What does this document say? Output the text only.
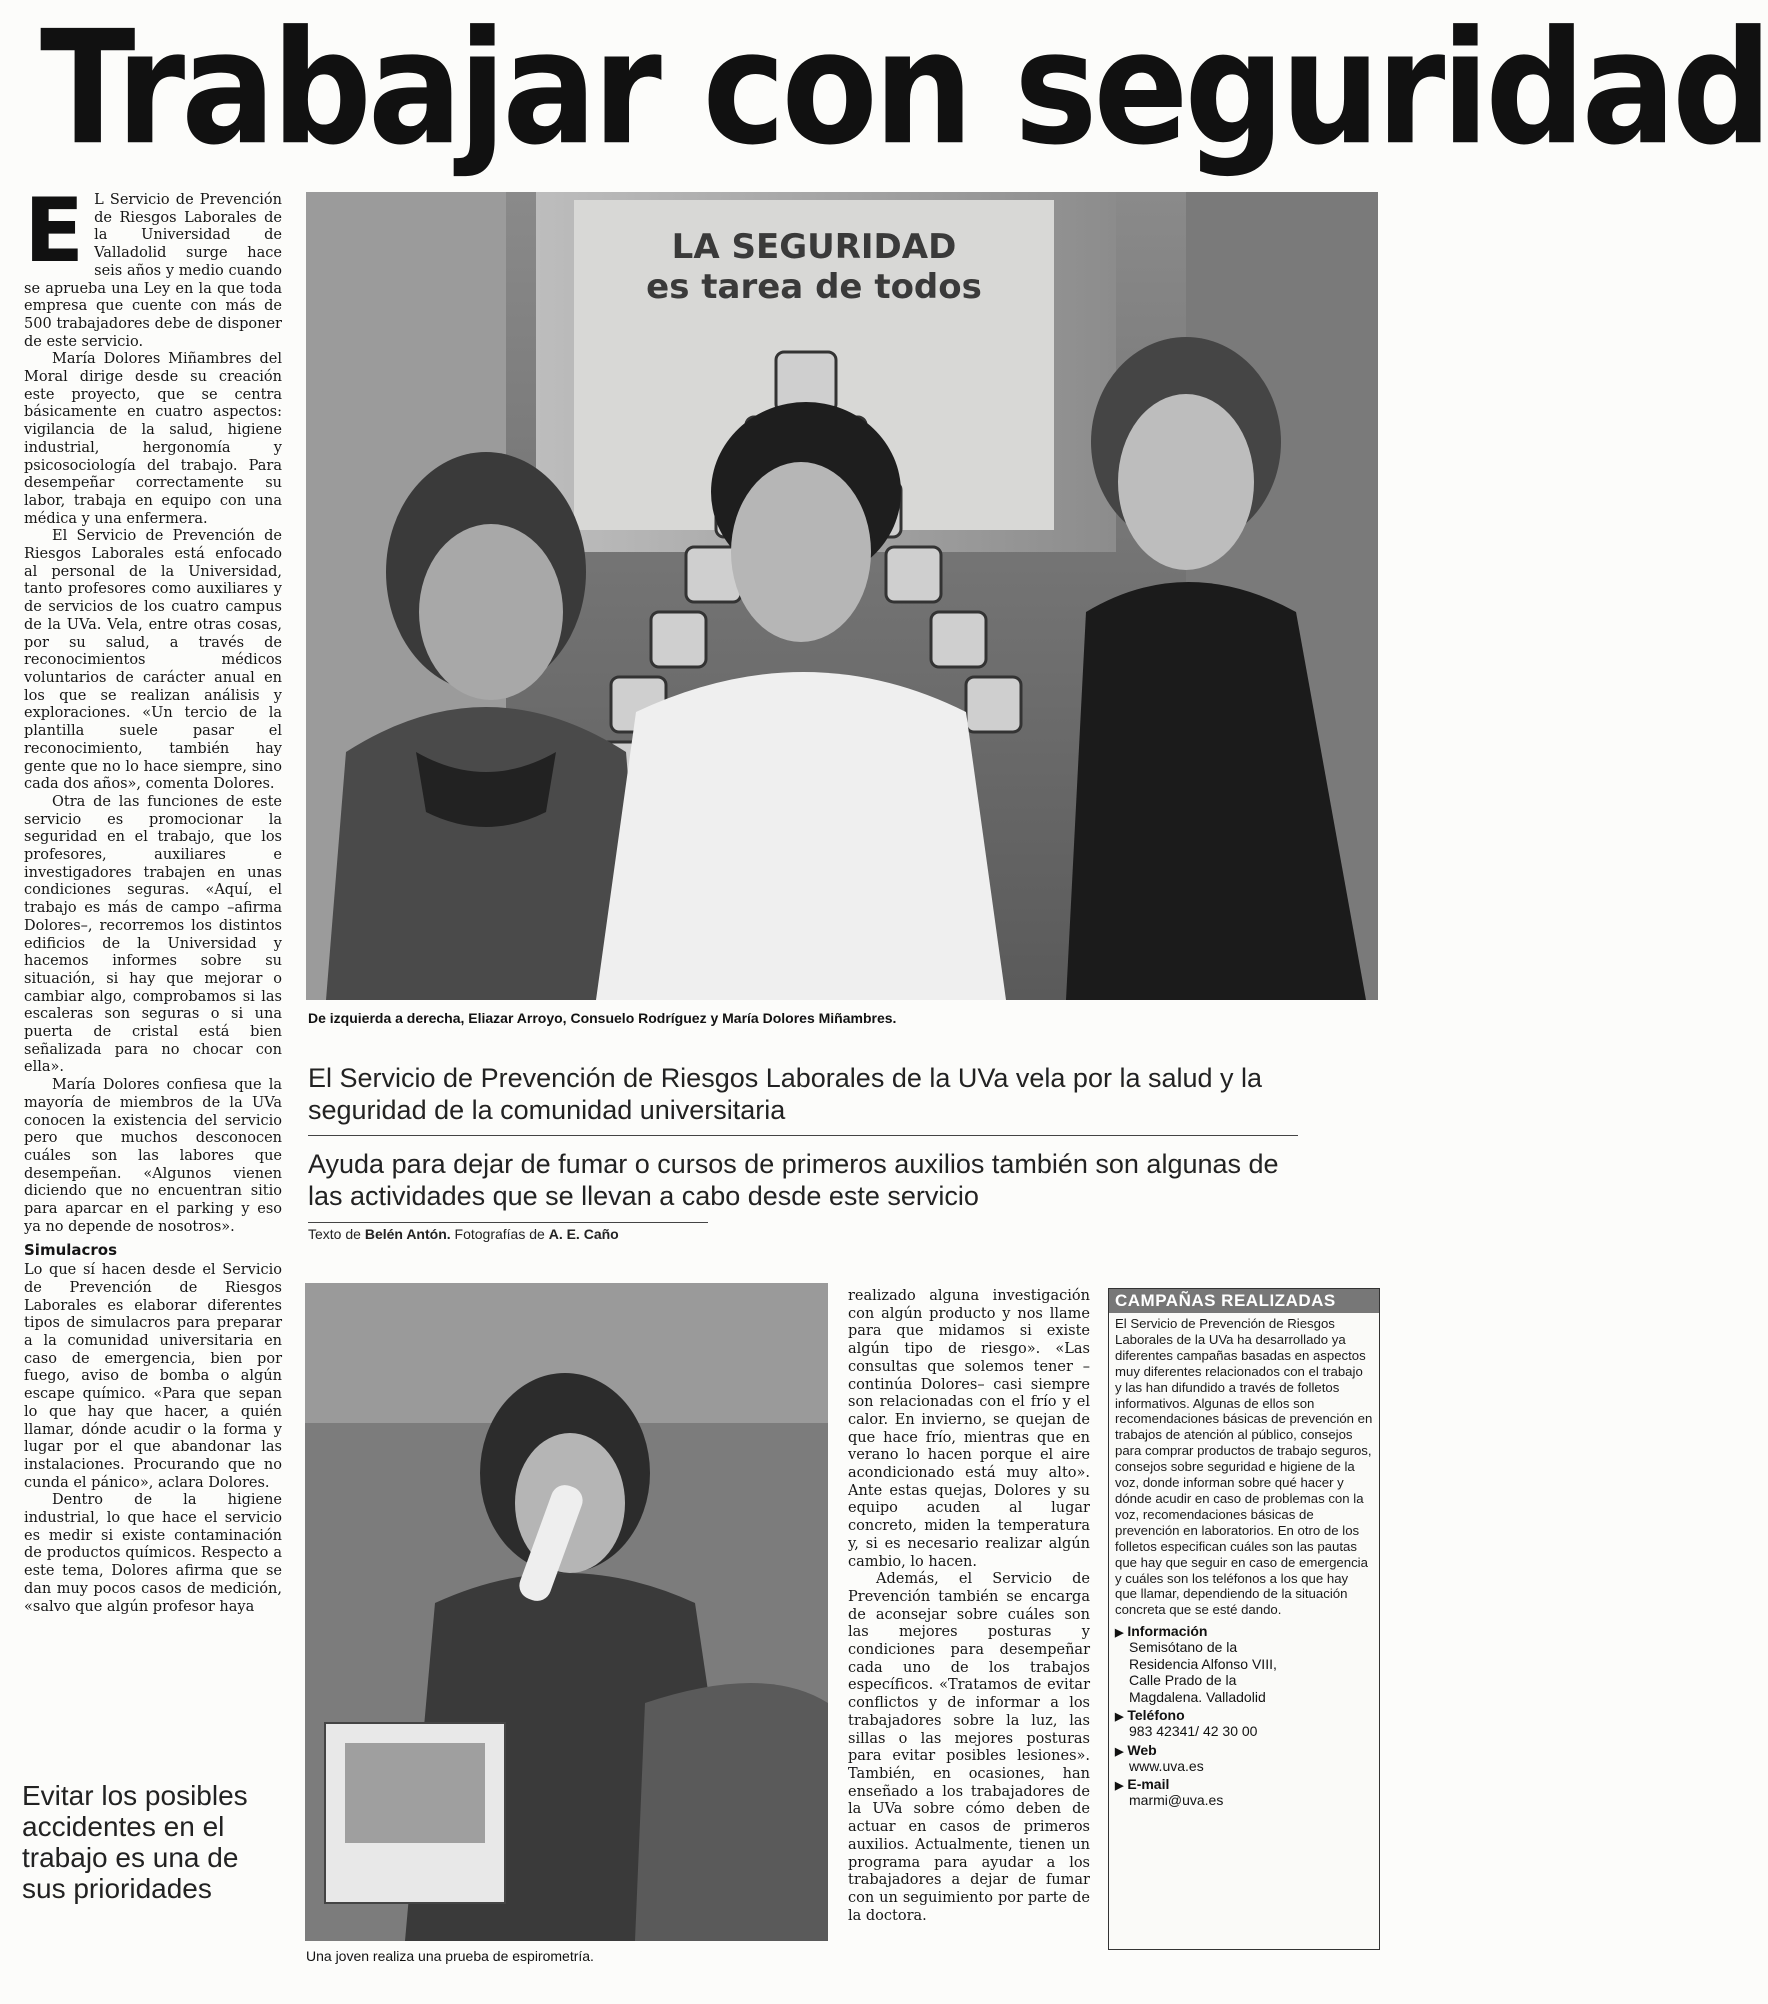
Trabajar con seguridad

E L Servicio de Prevención de Riesgos Laborales de la Universidad de Valladolid surge hace seis años y medio cuando se aprueba una Ley en la que toda empresa que cuente con más de 500 trabajadores debe de disponer de este servicio.

María Dolores Miñambres del Moral dirige desde su creación este proyecto, que se centra básicamente en cuatro aspectos: vigilancia de la salud, higiene industrial, hergonomía y psicosociología del trabajo. Para desempeñar correctamente su labor, trabaja en equipo con una médica y una enfermera.

El Servicio de Prevención de Riesgos Laborales está enfocado al personal de la Universidad, tanto profesores como auxiliares y de servicios de los cuatro campus de la UVa. Vela, entre otras cosas, por su salud, a través de reconocimientos médicos voluntarios de carácter anual en los que se realizan análisis y exploraciones. «Un tercio de la plantilla suele pasar el reconocimiento, también hay gente que no lo hace siempre, sino cada dos años», comenta Dolores.

Otra de las funciones de este servicio es promocionar la seguridad en el trabajo, que los profesores, auxiliares e investigadores trabajen en unas condiciones seguras. «Aquí, el trabajo es más de campo –afirma Dolores–, recorremos los distintos edificios de la Universidad y hacemos informes sobre su situación, si hay que mejorar o cambiar algo, comprobamos si las escaleras son seguras o si una puerta de cristal está bien señalizada para no chocar con ella».

María Dolores confiesa que la mayoría de miembros de la UVa conocen la existencia del servicio pero que muchos desconocen cuáles son las labores que desempeñan. «Algunos vienen diciendo que no encuentran sitio para aparcar en el parking y eso ya no depende de nosotros».

Simulacros

Lo que sí hacen desde el Servicio de Prevención de Riesgos Laborales es elaborar diferentes tipos de simulacros para preparar a la comunidad universitaria en caso de emergencia, bien por fuego, aviso de bomba o algún escape químico. «Para que sepan lo que hay que hacer, a quién llamar, dónde acudir o la forma y lugar por el que abandonar las instalaciones. Procurando que no cunda el pánico», aclara Dolores.

Dentro de la higiene industrial, lo que hace el servicio es medir si existe contaminación de productos químicos. Respecto a este tema, Dolores afirma que se dan muy pocos casos de medición, «salvo que algún profesor haya

Evitar los posibles accidentes en el trabajo es una de sus prioridades
LA SEGURIDAD
es tarea de todos
De izquierda a derecha, Eliazar Arroyo, Consuelo Rodríguez y María Dolores Miñambres.
El Servicio de Prevención de Riesgos Laborales de la UVa vela por la salud y la seguridad de la comunidad universitaria
Ayuda para dejar de fumar o cursos de primeros auxilios también son algunas de las actividades que se llevan a cabo desde este servicio
Texto de Belén Antón. Fotografías de A. E. Caño
Una joven realiza una prueba de espirometría.

realizado alguna investigación con algún producto y nos llame para que midamos si existe algún tipo de riesgo». «Las consultas que solemos tener –continúa Dolores– casi siempre son relacionadas con el frío y el calor. En invierno, se quejan de que hace frío, mientras que en verano lo hacen porque el aire acondicionado está muy alto». Ante estas quejas, Dolores y su equipo acuden al lugar concreto, miden la temperatura y, si es necesario realizar algún cambio, lo hacen.

Además, el Servicio de Prevención también se encarga de aconsejar sobre cuáles son las mejores posturas y condiciones para desempeñar cada uno de los trabajos específicos. «Tratamos de evitar conflictos y de informar a los trabajadores sobre la luz, las sillas o las mejores posturas para evitar posibles lesiones». También, en ocasiones, han enseñado a los trabajadores de la UVa sobre cómo deben de actuar en casos de primeros auxilios. Actualmente, tienen un programa para ayudar a los trabajadores a dejar de fumar con un seguimiento por parte de la doctora.

CAMPAÑAS REALIZADAS
El Servicio de Prevención de Riesgos Laborales de la UVa ha desarrollado ya diferentes campañas basadas en aspectos muy diferentes relacionados con el trabajo y las han difundido a través de folletos informativos. Algunas de ellos son recomendaciones básicas de prevención en trabajos de atención al público, consejos para comprar productos de trabajo seguros, consejos sobre seguridad e higiene de la voz, donde informan sobre qué hacer y dónde acudir en caso de problemas con la voz, recomendaciones básicas de prevención en laboratorios. En otro de los folletos especifican cuáles son las pautas que hay que seguir en caso de emergencia y cuáles son los teléfonos a los que hay que llamar, dependiendo de la situación concreta que se esté dando.
▶ Información
Semisótano de la
Residencia Alfonso VIII,
Calle Prado de la
Magdalena. Valladolid
▶ Teléfono
983 42341/ 42 30 00
▶ Web
www.uva.es
▶ E-mail
marmi@uva.es
